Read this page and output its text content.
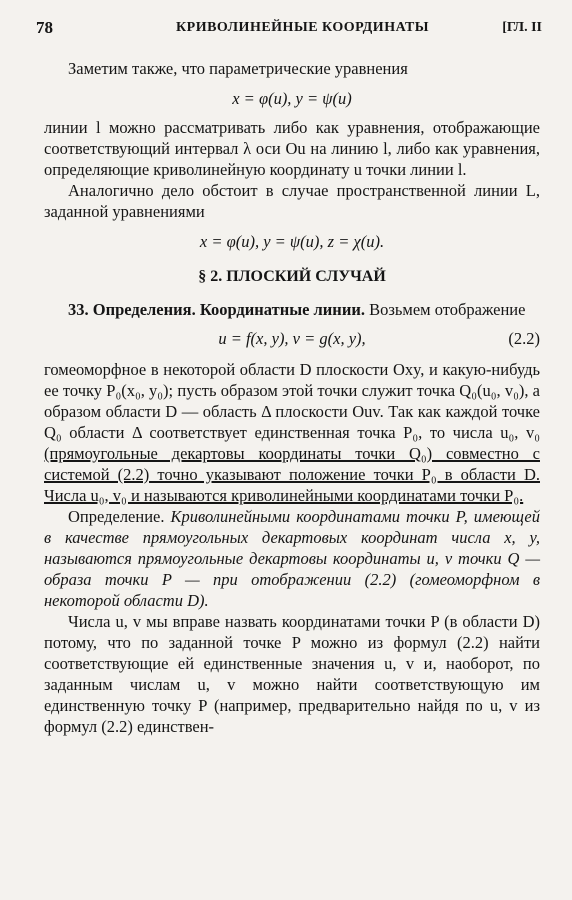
78	КРИВОЛИНЕЙНЫЕ КООРДИНАТЫ	[ГЛ. II

Заметим также, что параметрические уравнения

x = φ(u), y = ψ(u)

линии l можно рассматривать либо как уравнения, отображающие соответствующий интервал λ оси Ou на линию l, либо как уравнения, определяющие криволинейную координату u точки линии l.

Аналогично дело обстоит в случае пространственной линии L, заданной уравнениями

x = φ(u), y = ψ(u), z = χ(u).

§ 2. ПЛОСКИЙ СЛУЧАЙ

33. Определения. Координатные линии. Возьмем отображение

u = f(x, y), v = g(x, y),	(2.2)

гомеоморфное в некоторой области D плоскости Oxy, и какую-нибудь ее точку P₀(x₀, y₀); пусть образом этой точки служит точка Q₀(u₀, v₀), а образом области D — область Δ плоскости Ouv. Так как каждой точке Q₀ области Δ соответствует единственная точка P₀, то числа u₀, v₀ (прямоугольные декартовы координаты точки Q₀) совместно с системой (2.2) точно указывают положение точки P₀ в области D. Числа u₀, v₀ и называются криволинейными координатами точки P₀.

Определение. Криволинейными координатами точки P, имеющей в качестве прямоугольных декартовых координат числа x, y, называются прямоугольные декартовы координаты u, v точки Q — образа точки P — при отображении (2.2) (гомеоморфном в некоторой области D).

Числа u, v мы вправе назвать координатами точки P (в области D) потому, что по заданной точке P можно из формул (2.2) найти соответствующие ей единственные значения u, v и, наоборот, по заданным числам u, v можно найти соответствующую им единственную точку P (например, предварительно найдя по u, v из формул (2.2) единствен-
